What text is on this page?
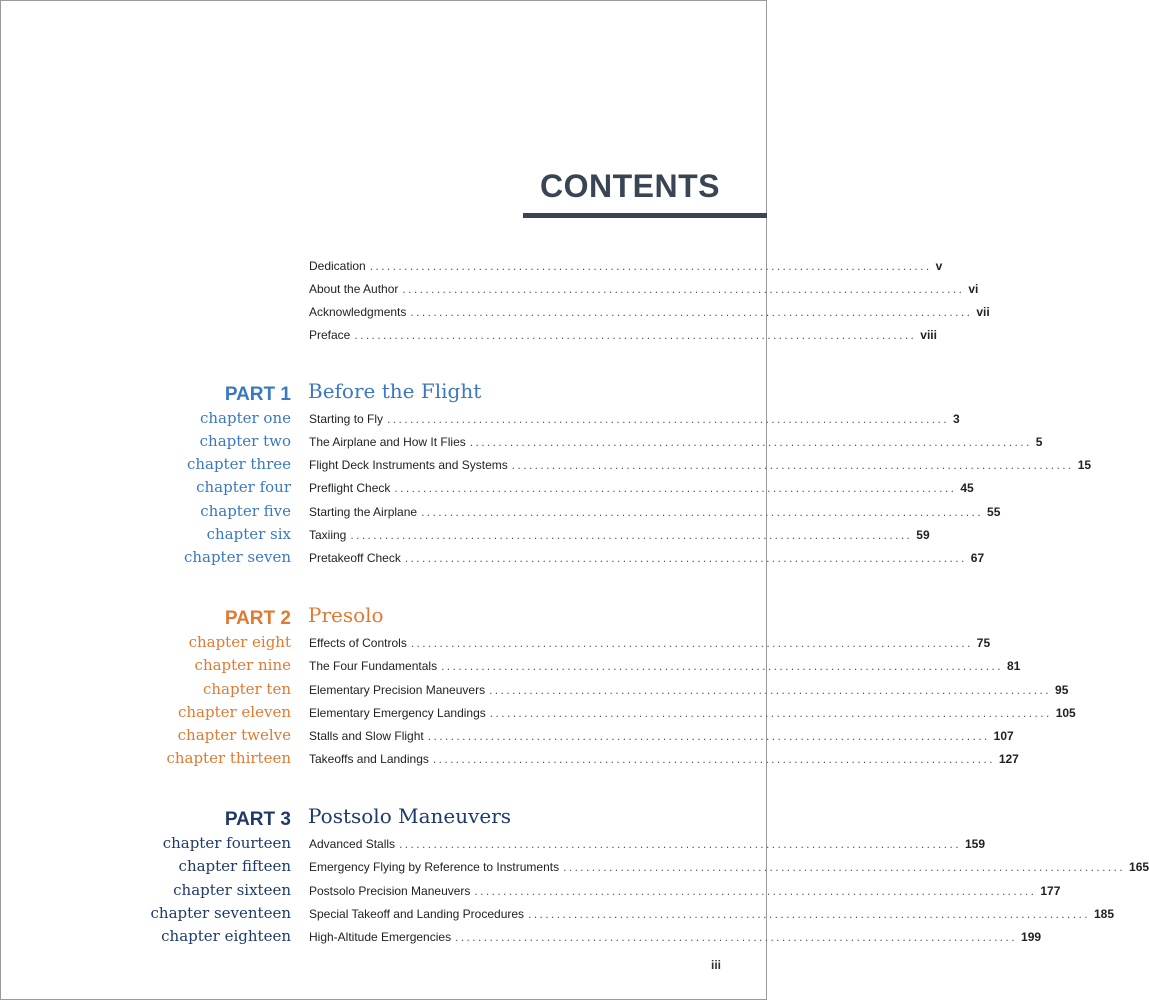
CONTENTS
Dedication .................................................................................................. v
About the Author .................................................................................................. vi
Acknowledgments .................................................................................................. vii
Preface .................................................................................................. viii
PART 1 Before the Flight
chapter one Starting to Fly .................................................................................................. 3
chapter two The Airplane and How It Flies .................................................................................................. 5
chapter three Flight Deck Instruments and Systems .................................................................................................. 15
chapter four Preflight Check .................................................................................................. 45
chapter five Starting the Airplane .................................................................................................. 55
chapter six Taxiing .................................................................................................. 59
chapter seven Pretakeoff Check .................................................................................................. 67
PART 2 Presolo
chapter eight Effects of Controls .................................................................................................. 75
chapter nine The Four Fundamentals .................................................................................................. 81
chapter ten Elementary Precision Maneuvers .................................................................................................. 95
chapter eleven Elementary Emergency Landings .................................................................................................. 105
chapter twelve Stalls and Slow Flight .................................................................................................. 107
chapter thirteen Takeoffs and Landings .................................................................................................. 127
PART 3 Postsolo Maneuvers
chapter fourteen Advanced Stalls .................................................................................................. 159
chapter fifteen Emergency Flying by Reference to Instruments .................................................................................................. 165
chapter sixteen Postsolo Precision Maneuvers .................................................................................................. 177
chapter seventeen Special Takeoff and Landing Procedures .................................................................................................. 185
chapter eighteen High-Altitude Emergencies .................................................................................................. 199
iii
